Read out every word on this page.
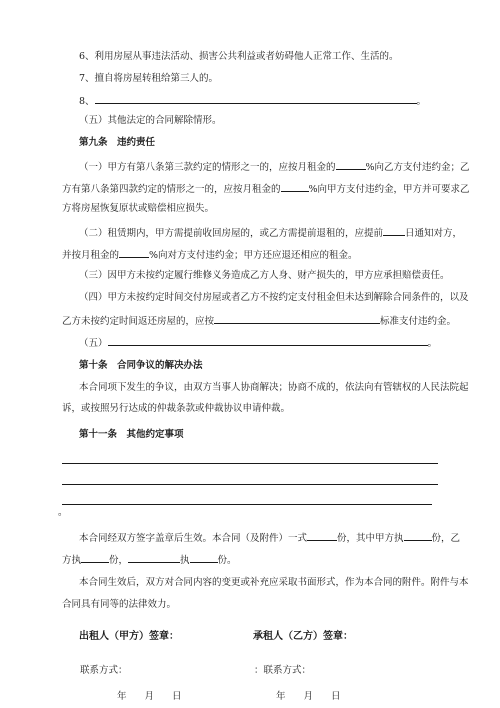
6、利用房屋从事违法活动、损害公共利益或者妨碍他人正常工作、生活的。
7、擅自将房屋转租给第三人的。
8、	。
（五）其他法定的合同解除情形。
第九条　违约责任
（一）甲方有第八条第三款约定的情形之一的，应按月租金的	%向乙方支付违约金；乙
方有第八条第四款约定的情形之一的，应按月租金的	%向甲方支付违约金，甲方并可要求乙
方将房屋恢复原状或赔偿相应损失。
（二）租赁期内，甲方需提前收回房屋的，或乙方需提前退租的，应提前 日通知对方，
并按月租金的	%向对方支付违约金；甲方还应退还相应的租金。
（三）因甲方未按约定履行维修义务造成乙方人身、财产损失的，甲方应承担赔偿责任。
（四）甲方未按约定时间交付房屋或者乙方不按约定支付租金但未达到解除合同条件的，以及
乙方未按约定时间返还房屋的，应按	标准支付违约金。
（五）	。
第十条　合同争议的解决办法
本合同项下发生的争议，由双方当事人协商解决；协商不成的，依法向有管辖权的人民法院起
诉，或按照另行达成的仲裁条款或仲裁协议申请仲裁。
第十一条　其他约定事项
。
本合同经双方签字盖章后生效。本合同（及附件）一式	份，其中甲方执	份，乙
方执	份，	执	份。
本合同生效后，双方对合同内容的变更或补充应采取书面形式，作为本合同的附件。附件与本
合同具有同等的法律效力。
出租人（甲方）签章：	承租人（乙方）签章：
联系方式：	：联系方式：
年 月 日	年 月 日
